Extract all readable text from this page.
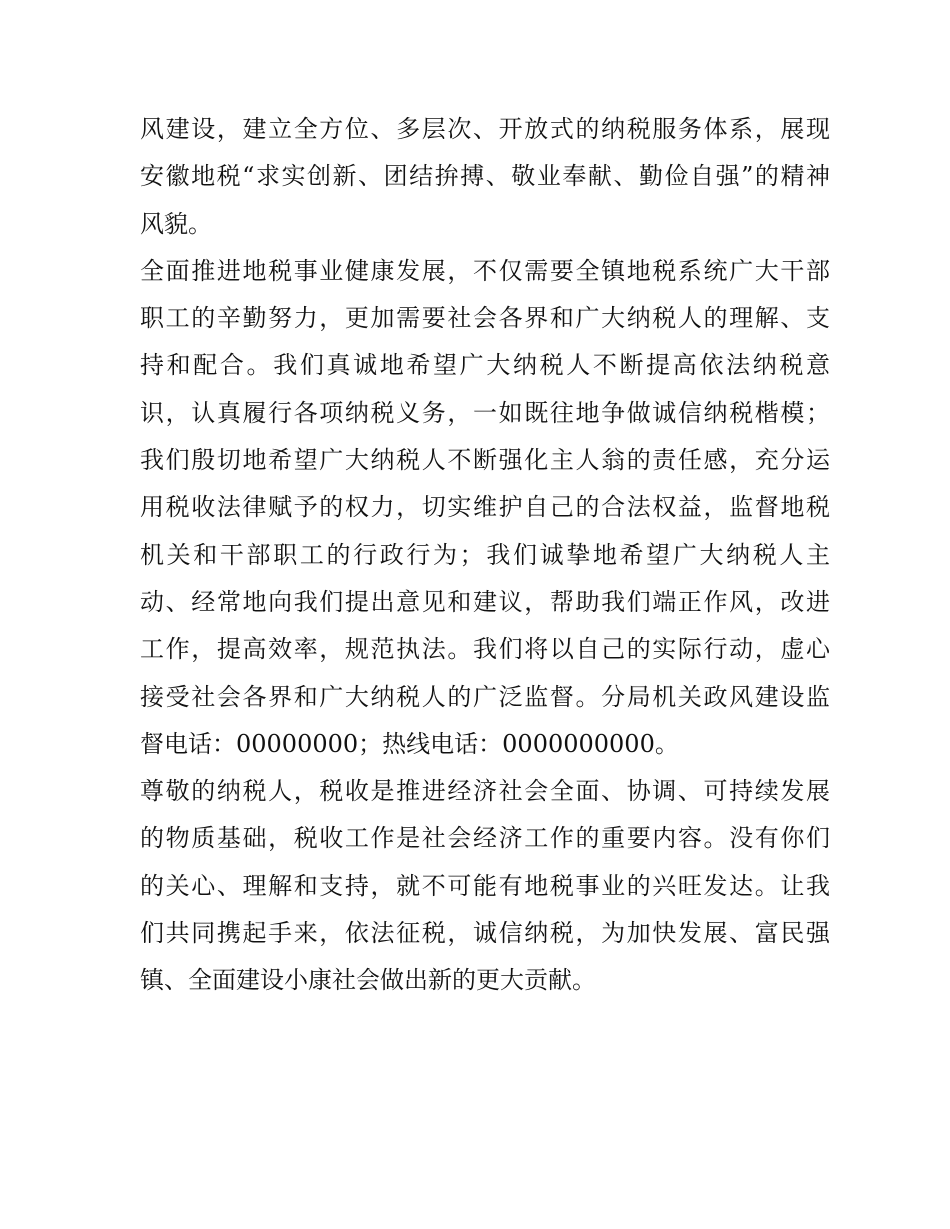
风建设，建立全方位、多层次、开放式的纳税服务体系，展现
安徽地税“求实创新、团结拚搏、敬业奉献、勤俭自强”的精神
风貌。
全面推进地税事业健康发展，不仅需要全镇地税系统广大干部
职工的辛勤努力，更加需要社会各界和广大纳税人的理解、支
持和配合。我们真诚地希望广大纳税人不断提高依法纳税意
识，认真履行各项纳税义务，一如既往地争做诚信纳税楷模；
我们殷切地希望广大纳税人不断强化主人翁的责任感，充分运
用税收法律赋予的权力，切实维护自己的合法权益，监督地税
机关和干部职工的行政行为；我们诚挚地希望广大纳税人主
动、经常地向我们提出意见和建议，帮助我们端正作风，改进
工作，提高效率，规范执法。我们将以自己的实际行动，虚心
接受社会各界和广大纳税人的广泛监督。分局机关政风建设监
督电话：00000000；热线电话：0000000000。
尊敬的纳税人，税收是推进经济社会全面、协调、可持续发展
的物质基础，税收工作是社会经济工作的重要内容。没有你们
的关心、理解和支持，就不可能有地税事业的兴旺发达。让我
们共同携起手来，依法征税，诚信纳税，为加快发展、富民强
镇、全面建设小康社会做出新的更大贡献。
